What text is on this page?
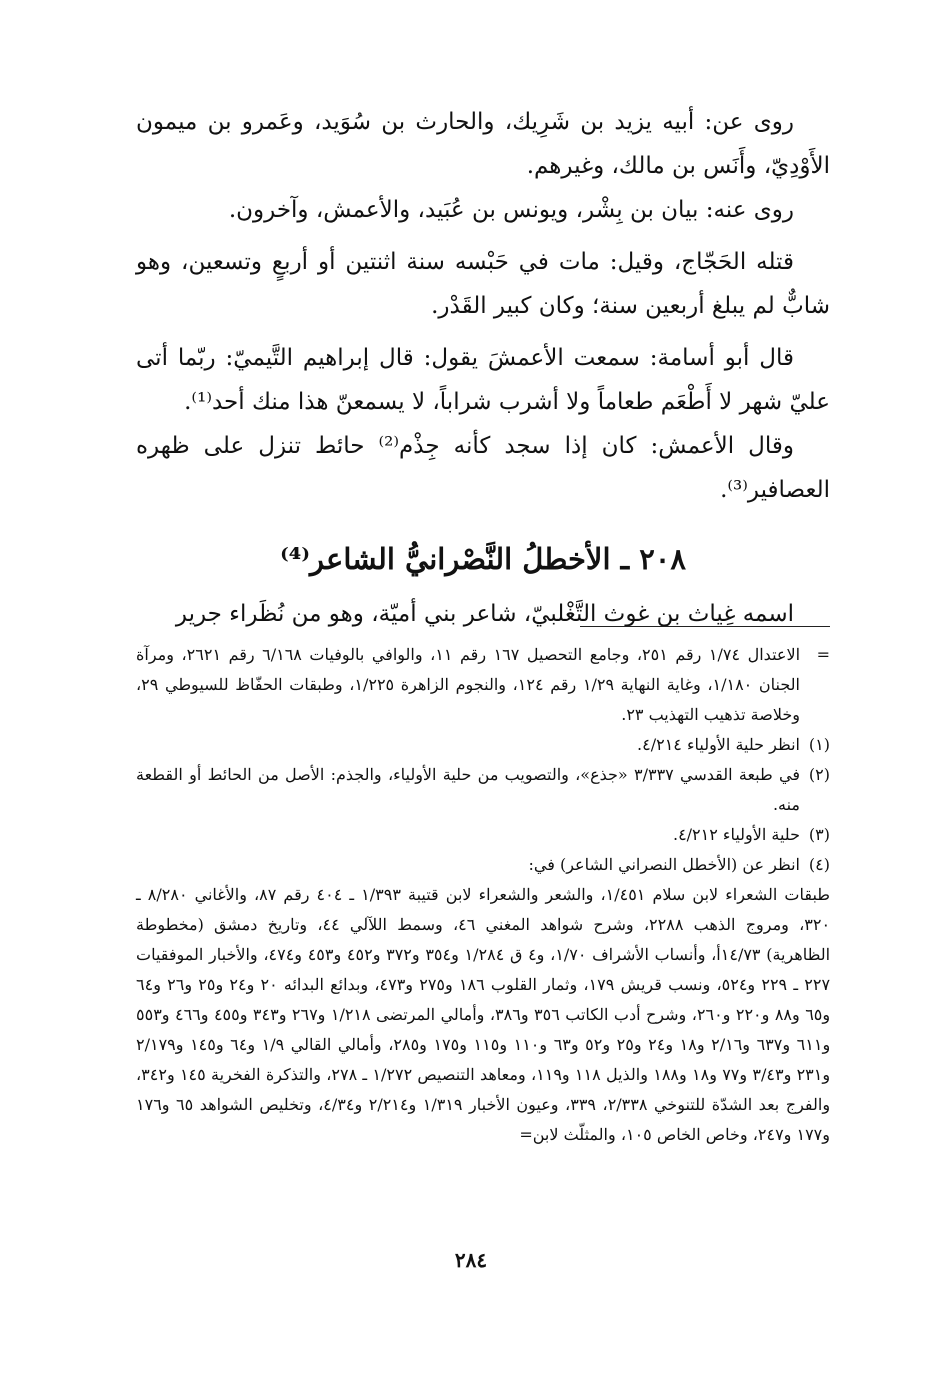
روى عن: أبيه يزيد بن شَرِيك، والحارث بن سُوَيد، وعَمرو بن ميمون الأَوْدِيّ، وأَنَس بن مالك، وغيرهم.

روى عنه: بيان بن بِشْر، ويونس بن عُبَيد، والأعمش، وآخرون.

قتله الحَجّاج، وقيل: مات في حَبْسه سنة اثنتين أو أربعٍ وتسعين، وهو شابٌّ لم يبلغ أربعين سنة؛ وكان كبير القَدْر.

قال أبو أسامة: سمعت الأعمشَ يقول: قال إبراهيم التَّيميّ: ربّما أتى عليّ شهر لا أَطْعَم طعاماً ولا أشرب شراباً، لا يسمعنّ هذا منك أحد⁽¹⁾.

وقال الأعمش: كان إذا سجد كأنه جِذْم⁽²⁾ حائط تنزل على ظهره العصافير⁽³⁾.

٢٠٨ ـ الأخطلُ النَّصْرانيُّ الشاعر⁽⁴⁾

اسمه غِياث بن غوث التَّغْلبيّ، شاعر بني أميّة، وهو من نُظَراء جرير

=

الاعتدال ١/٧٤ رقم ٢٥١، وجامع التحصيل ١٦٧ رقم ١١، والوافي بالوفيات ٦/١٦٨ رقم ٢٦٢١، ومرآة الجنان ١/١٨٠، وغاية النهاية ١/٢٩ رقم ١٢٤، والنجوم الزاهرة ١/٢٢٥، وطبقات الحفّاظ للسيوطي ٢٩، وخلاصة تذهيب التهذيب ٢٣.

(١)

انظر حلية الأولياء ٤/٢١٤.

(٢)

في طبعة القدسي ٣/٣٣٧ «جذع»، والتصويب من حلية الأولياء، والجذم: الأصل من الحائط أو القطعة منه.

(٣)

حلية الأولياء ٤/٢١٢.

(٤)

انظر عن (الأخطل النصراني الشاعر) في:

طبقات الشعراء لابن سلام ١/٤٥١، والشعر والشعراء لابن قتيبة ١/٣٩٣ ـ ٤٠٤ رقم ٨٧، والأغاني ٨/٢٨٠ ـ ٣٢٠، ومروج الذهب ٢٢٨٨، وشرح شواهد المغني ٤٦، وسمط اللآلي ٤٤، وتاريخ دمشق (مخطوطة الظاهرية) ١٤/٧٣أ، وأنساب الأشراف ١/٧٠، و٤ ق ١/٢٨٤ و٣٥٤ و٣٧٢ و٤٥٢ و٤٥٣ و٤٧٤، والأخبار الموفقيات ٢٢٧ ـ ٢٢٩ و٥٢٤، ونسب قريش ١٧٩، وثمار القلوب ١٨٦ و٢٧٥ و٤٧٣، وبدائع البدائه ٢٠ و٢٤ و٢٥ و٢٦ و٦٤ و٦٥ و٨٨ و٢٢٠ و٢٦٠، وشرح أدب الكاتب ٣٥٦ و٣٨٦، وأمالي المرتضى ١/٢١٨ و٢٦٧ و٣٤٣ و٤٥٥ و٤٦٦ و٥٥٣ و٦١١ و٦٣٧ و٢/١٦ و١٨ و٢٤ و٢٥ و٥٢ و٦٣ و١١٠ و١١٥ و١٧٥ و٢٨٥، وأمالي القالي ١/٩ و٦٤ و١٤٥ و٢/١٧٩ و٢٣١ و٣/٤٣ و٧٧ و١٨ و١٨٨ والذيل ١١٨ و١١٩، ومعاهد التنصيص ١/٢٧٢ ـ ٢٧٨، والتذكرة الفخرية ١٤٥ و٣٤٢، والفرج بعد الشدّة للتنوخي ٢/٣٣٨، ٣٣٩، وعيون الأخبار ١/٣١٩ و٢/٢١٤ و٤/٣٤، وتخليص الشواهد ٦٥ و١٧٦ و١٧٧ و٢٤٧، وخاص الخاص ١٠٥، والمثلّث لابن=

٢٨٤
